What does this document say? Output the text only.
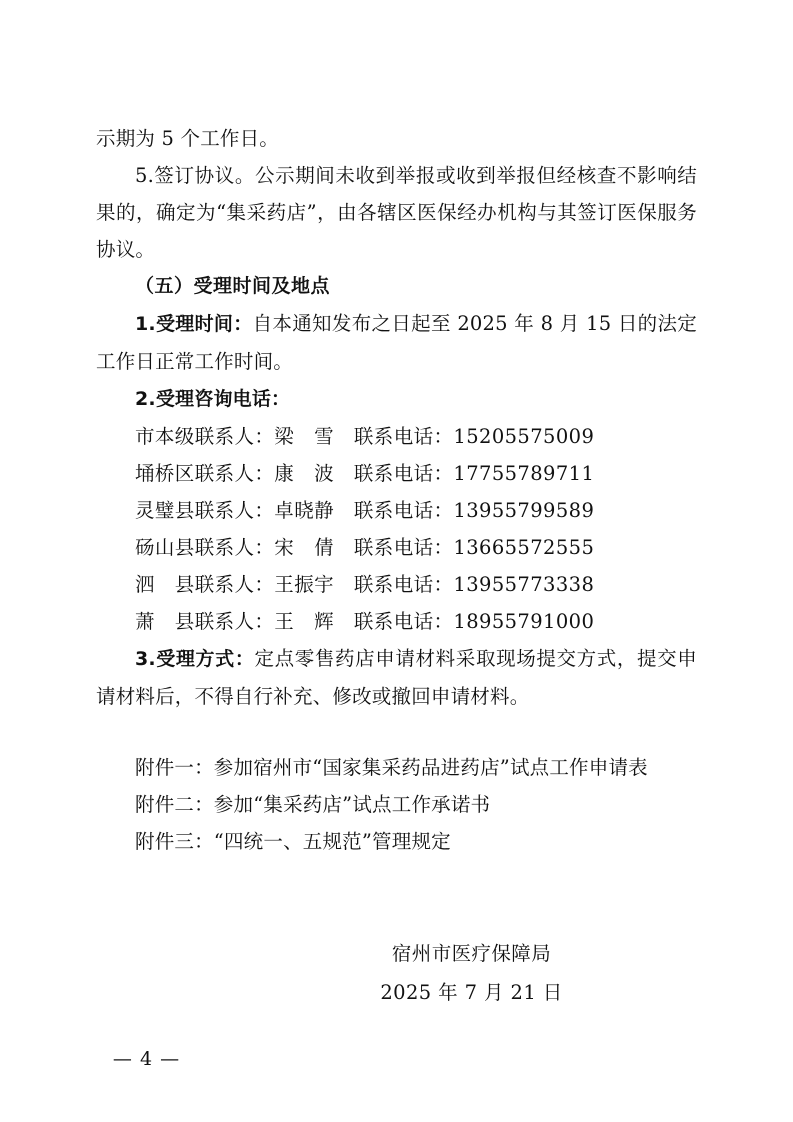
示期为 5 个工作日。

5.签订协议。公示期间未收到举报或收到举报但经核查不影响结果的，确定为“集采药店”，由各辖区医保经办机构与其签订医保服务协议。

（五）受理时间及地点

1.受理时间：自本通知发布之日起至 2025 年 8 月 15 日的法定工作日正常工作时间。

2.受理咨询电话：

市本级联系人：梁　雪　联系电话：15205575009

埇桥区联系人：康　波　联系电话：17755789711

灵璧县联系人：卓晓静　联系电话：13955799589

砀山县联系人：宋　倩　联系电话：13665572555

泗　县联系人：王振宇　联系电话：13955773338

萧　县联系人：王　辉　联系电话：18955791000

3.受理方式：定点零售药店申请材料采取现场提交方式，提交申请材料后，不得自行补充、修改或撤回申请材料。

附件一：参加宿州市“国家集采药品进药店”试点工作申请表

附件二：参加“集采药店”试点工作承诺书

附件三：“四统一、五规范”管理规定

宿州市医疗保障局

2025 年 7 月 21 日

— 4 —
